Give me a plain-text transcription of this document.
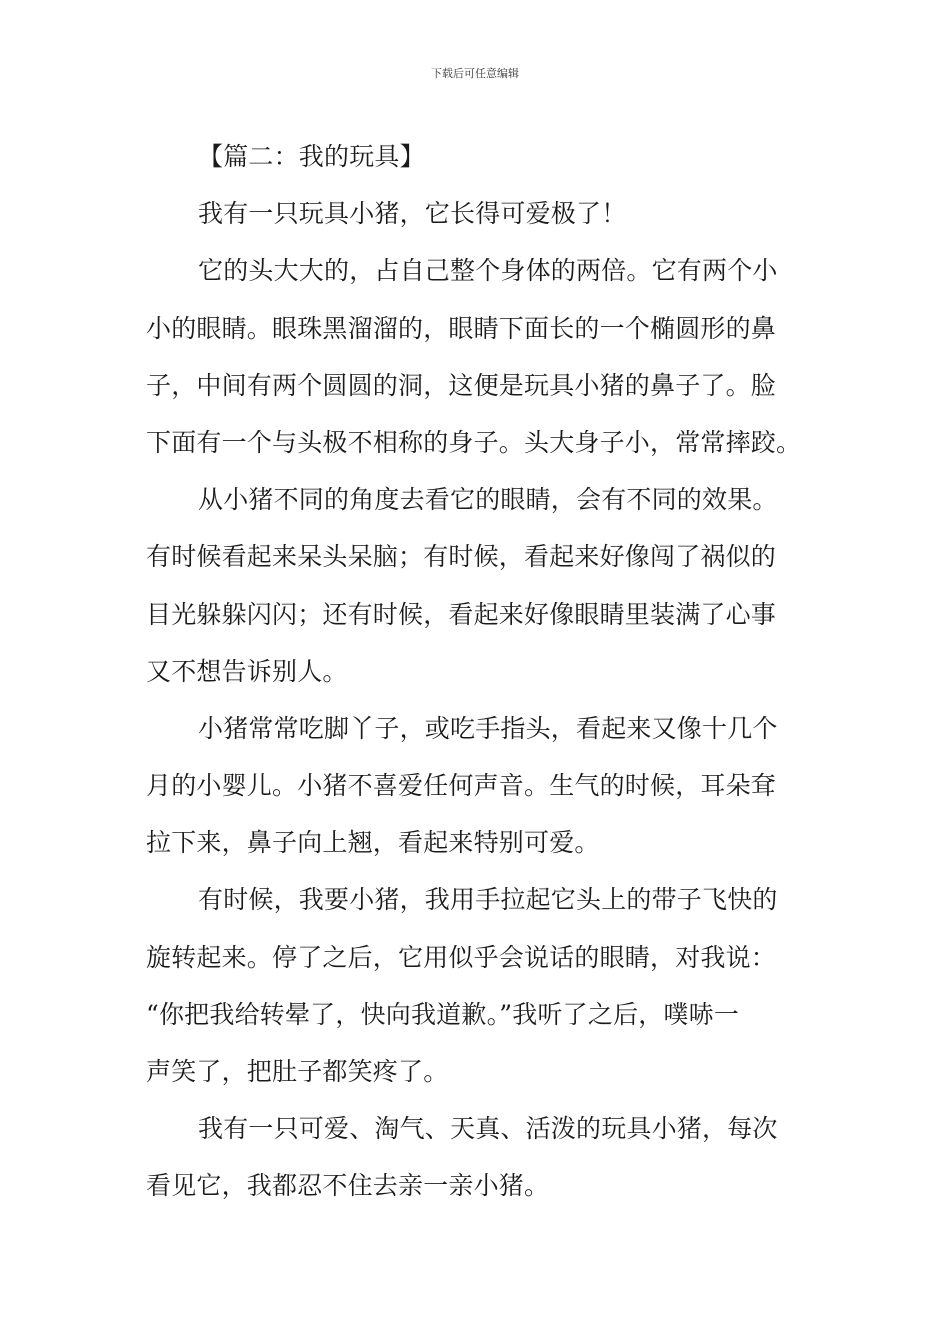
下载后可任意编辑
【篇二：我的玩具】
我有一只玩具小猪，它长得可爱极了！
它的头大大的，占自己整个身体的两倍。它有两个小
小的眼睛。眼珠黑溜溜的，眼睛下面长的一个椭圆形的鼻
子，中间有两个圆圆的洞，这便是玩具小猪的鼻子了。脸
下面有一个与头极不相称的身子。头大身子小，常常摔跤。
从小猪不同的角度去看它的眼睛，会有不同的效果。
有时候看起来呆头呆脑；有时候，看起来好像闯了祸似的
目光躲躲闪闪；还有时候，看起来好像眼睛里装满了心事
又不想告诉别人。
小猪常常吃脚丫子，或吃手指头，看起来又像十几个
月的小婴儿。小猪不喜爱任何声音。生气的时候，耳朵耷
拉下来，鼻子向上翘，看起来特别可爱。
有时候，我要小猪，我用手拉起它头上的带子飞快的
旋转起来。停了之后，它用似乎会说话的眼睛，对我说：
“你把我给转晕了，快向我道歉。”我听了之后，噗哧一
声笑了，把肚子都笑疼了。
我有一只可爱、淘气、天真、活泼的玩具小猪，每次
看见它，我都忍不住去亲一亲小猪。
